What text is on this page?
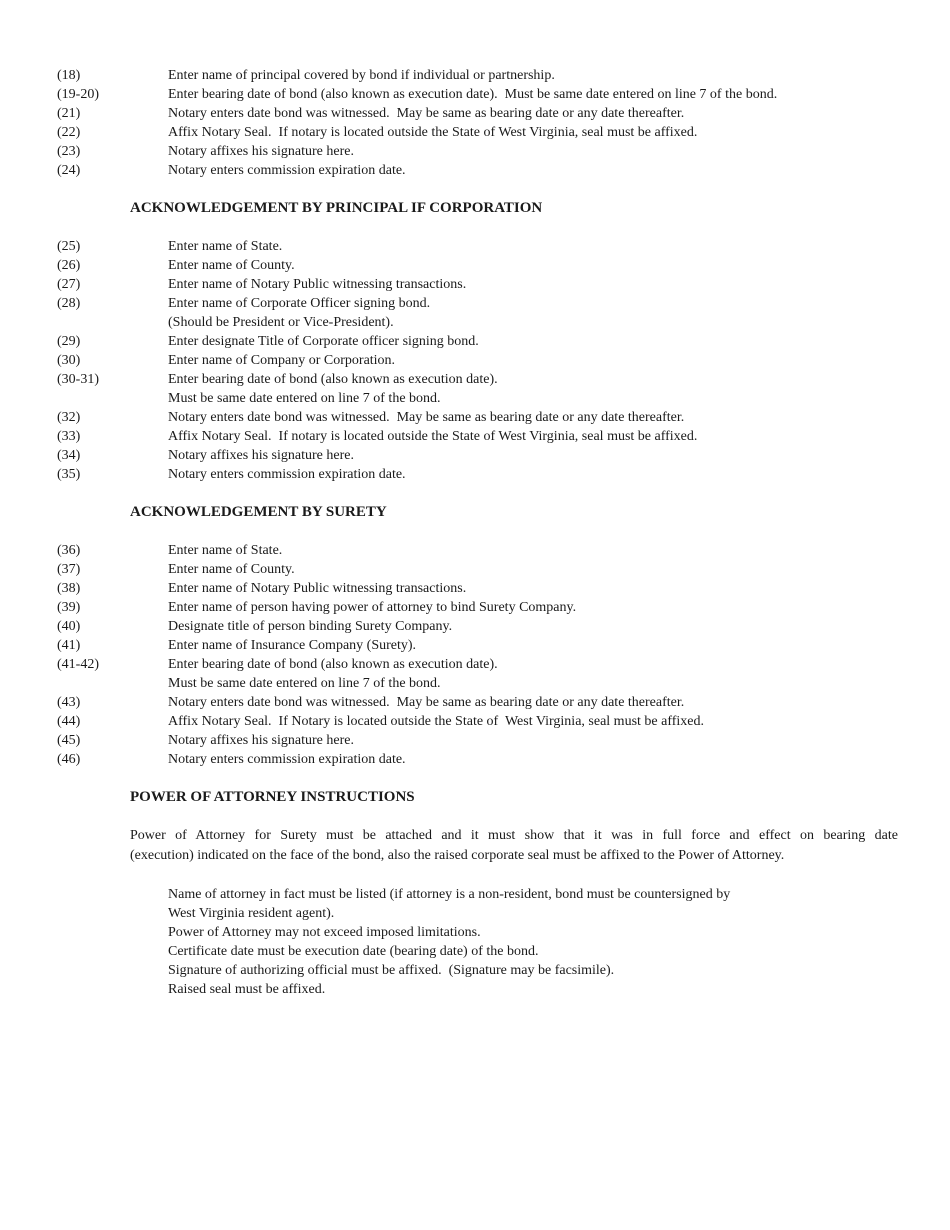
(18)	Enter name of principal covered by bond if individual or partnership.
(19-20)	Enter bearing date of bond (also known as execution date).  Must be same date entered on line 7 of the bond.
(21)	Notary enters date bond was witnessed.  May be same as bearing date or any date thereafter.
(22)	Affix Notary Seal.  If notary is located outside the State of West Virginia, seal must be affixed.
(23)	Notary affixes his signature here.
(24)	Notary enters commission expiration date.
ACKNOWLEDGEMENT BY PRINCIPAL IF CORPORATION
(25)	Enter name of State.
(26)	Enter name of County.
(27)	Enter name of Notary Public witnessing transactions.
(28)	Enter name of Corporate Officer signing bond.
(Should be President or Vice-President).
(29)	Enter designate Title of Corporate officer signing bond.
(30)	Enter name of Company or Corporation.
(30-31)	Enter bearing date of bond (also known as execution date).
Must be same date entered on line 7 of the bond.
(32)	Notary enters date bond was witnessed.  May be same as bearing date or any date thereafter.
(33)	Affix Notary Seal.  If notary is located outside the State of West Virginia, seal must be affixed.
(34)	Notary affixes his signature here.
(35)	Notary enters commission expiration date.
ACKNOWLEDGEMENT BY SURETY
(36)	Enter name of State.
(37)	Enter name of County.
(38)	Enter name of Notary Public witnessing transactions.
(39)	Enter name of person having power of attorney to bind Surety Company.
(40)	Designate title of person binding Surety Company.
(41)	Enter name of Insurance Company (Surety).
(41-42)	Enter bearing date of bond (also known as execution date).
Must be same date entered on line 7 of the bond.
(43)	Notary enters date bond was witnessed.  May be same as bearing date or any date thereafter.
(44)	Affix Notary Seal.  If Notary is located outside the State of  West Virginia, seal must be affixed.
(45)	Notary affixes his signature here.
(46)	Notary enters commission expiration date.
POWER OF ATTORNEY INSTRUCTIONS
Power of Attorney for Surety must be attached and it must show that it was in full force and effect on bearing date
(execution) indicated on the face of the bond, also the raised corporate seal must be affixed to the Power of Attorney.
Name of attorney in fact must be listed (if attorney is a non-resident, bond must be countersigned by
West Virginia resident agent).
Power of Attorney may not exceed imposed limitations.
Certificate date must be execution date (bearing date) of the bond.
Signature of authorizing official must be affixed.  (Signature may be facsimile).
Raised seal must be affixed.
